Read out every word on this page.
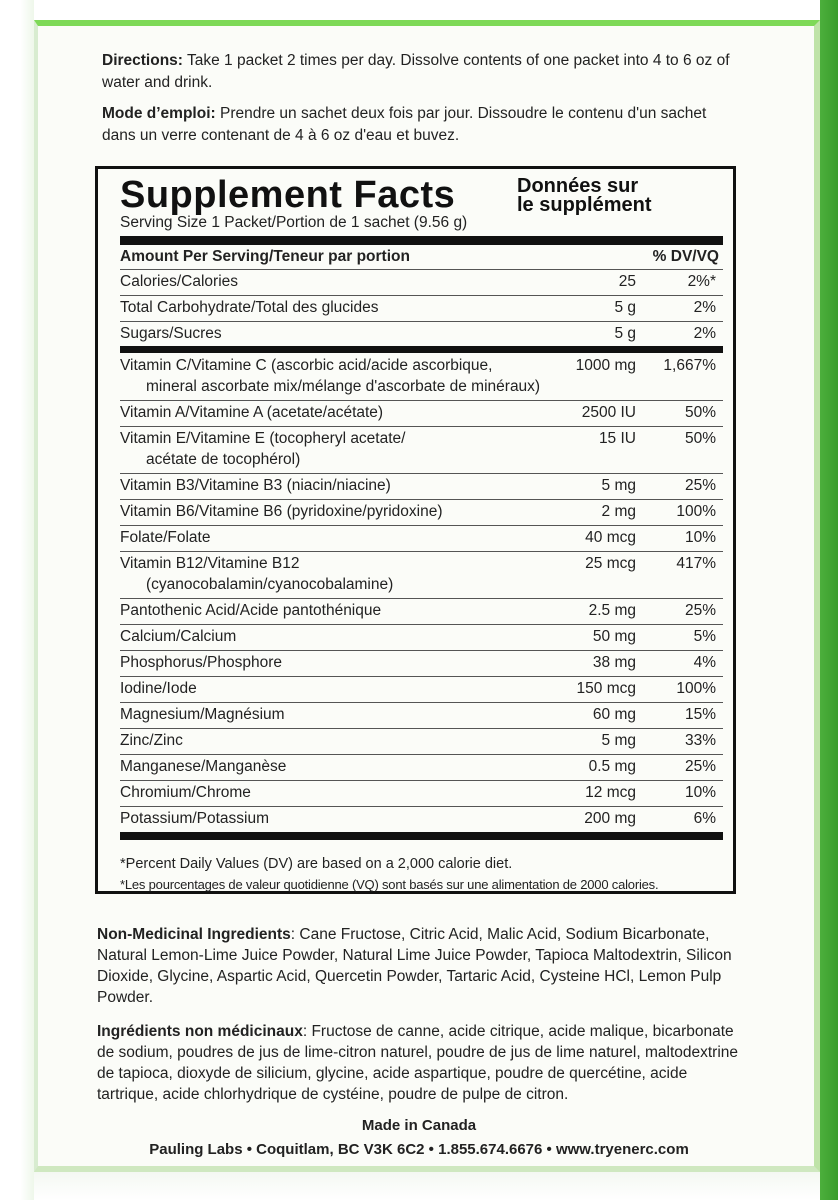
Directions: Take 1 packet 2 times per day. Dissolve contents of one packet into 4 to 6 oz of water and drink.
Mode d’emploi: Prendre un sachet deux fois par jour. Dissoudre le contenu d'un sachet dans un verre contenant de 4 à 6 oz d'eau et buvez.
Supplement Facts	Données sur
le supplément
Serving Size 1 Packet/Portion de 1 sachet (9.56 g)
Amount Per Serving/Teneur par portion	% DV/VQ
Calories/Calories	25	2%*
Total Carbohydrate/Total des glucides	5 g	2%
Sugars/Sucres	5 g	2%
Vitamin C/Vitamine C (ascorbic acid/acide ascorbique,
mineral ascorbate mix/mélange d'ascorbate de minéraux)
1000 mg	1,667%
Vitamin A/Vitamine A (acetate/acétate)	2500 IU	50%
Vitamin E/Vitamine E (tocopheryl acetate/
acétate de tocophérol)
15 IU	50%
Vitamin B3/Vitamine B3 (niacin/niacine)	5 mg	25%
Vitamin B6/Vitamine B6 (pyridoxine/pyridoxine)	2 mg	100%
Folate/Folate	40 mcg	10%
Vitamin B12/Vitamine B12
(cyanocobalamin/cyanocobalamine)
25 mcg	417%
Pantothenic Acid/Acide pantothénique	2.5 mg	25%
Calcium/Calcium	50 mg	5%
Phosphorus/Phosphore	38 mg	4%
Iodine/Iode	150 mcg	100%
Magnesium/Magnésium	60 mg	15%
Zinc/Zinc	5 mg	33%
Manganese/Manganèse	0.5 mg	25%
Chromium/Chrome	12 mcg	10%
Potassium/Potassium	200 mg	6%
*Percent Daily Values (DV) are based on a 2,000 calorie diet.
*Les pourcentages de valeur quotidienne (VQ) sont basés sur une alimentation de 2000 calories.
Non-Medicinal Ingredients: Cane Fructose, Citric Acid, Malic Acid, Sodium Bicarbonate, Natural Lemon-Lime Juice Powder, Natural Lime Juice Powder, Tapioca Maltodextrin, Silicon Dioxide, Glycine, Aspartic Acid, Quercetin Powder, Tartaric Acid, Cysteine HCl, Lemon Pulp Powder.
Ingrédients non médicinaux: Fructose de canne, acide citrique, acide malique, bicarbonate de sodium, poudres de jus de lime-citron naturel, poudre de jus de lime naturel, maltodextrine de tapioca, dioxyde de silicium, glycine, acide aspartique, poudre de quercétine, acide tartrique, acide chlorhydrique de cystéine, poudre de pulpe de citron.
Made in Canada
Pauling Labs • Coquitlam, BC V3K 6C2 • 1.855.674.6676 • www.tryenerc.com
